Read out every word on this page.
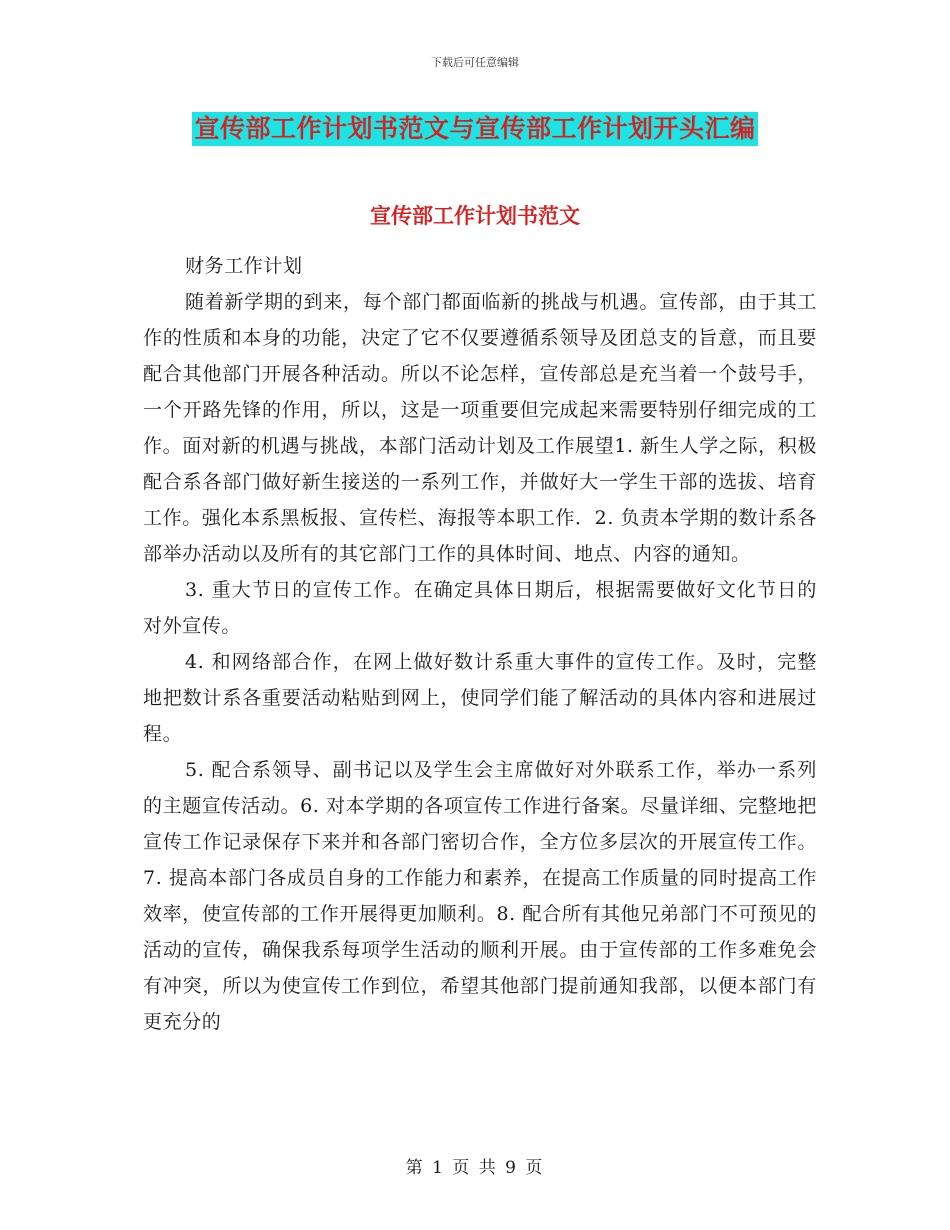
下载后可任意编辑
宣传部工作计划书范文与宣传部工作计划开头汇编
宣传部工作计划书范文

财务工作计划

随着新学期的到来，每个部门都面临新的挑战与机遇。宣传部，由于其工作的性质和本身的功能，决定了它不仅要遵循系领导及团总支的旨意，而且要配合其他部门开展各种活动。所以不论怎样，宣传部总是充当着一个鼓号手，一个开路先锋的作用，所以，这是一项重要但完成起来需要特别仔细完成的工作。面对新的机遇与挑战，本部门活动计划及工作展望1. 新生人学之际，积极配合系各部门做好新生接送的一系列工作，并做好大一学生干部的选拔、培育工作。强化本系黑板报、宣传栏、海报等本职工作．2. 负责本学期的数计系各部举办活动以及所有的其它部门工作的具体时间、地点、内容的通知。

3. 重大节日的宣传工作。在确定具体日期后，根据需要做好文化节日的对外宣传。

4. 和网络部合作，在网上做好数计系重大事件的宣传工作。及时，完整地把数计系各重要活动粘贴到网上，使同学们能了解活动的具体内容和进展过程。

5. 配合系领导、副书记以及学生会主席做好对外联系工作，举办一系列的主题宣传活动。6. 对本学期的各项宣传工作进行备案。尽量详细、完整地把宣传工作记录保存下来并和各部门密切合作，全方位多层次的开展宣传工作。7. 提高本部门各成员自身的工作能力和素养，在提高工作质量的同时提高工作效率，使宣传部的工作开展得更加顺利。8. 配合所有其他兄弟部门不可预见的活动的宣传，确保我系每项学生活动的顺利开展。由于宣传部的工作多难免会有冲突，所以为使宣传工作到位，希望其他部门提前通知我部，以便本部门有更充分的

第 1 页 共 9 页
